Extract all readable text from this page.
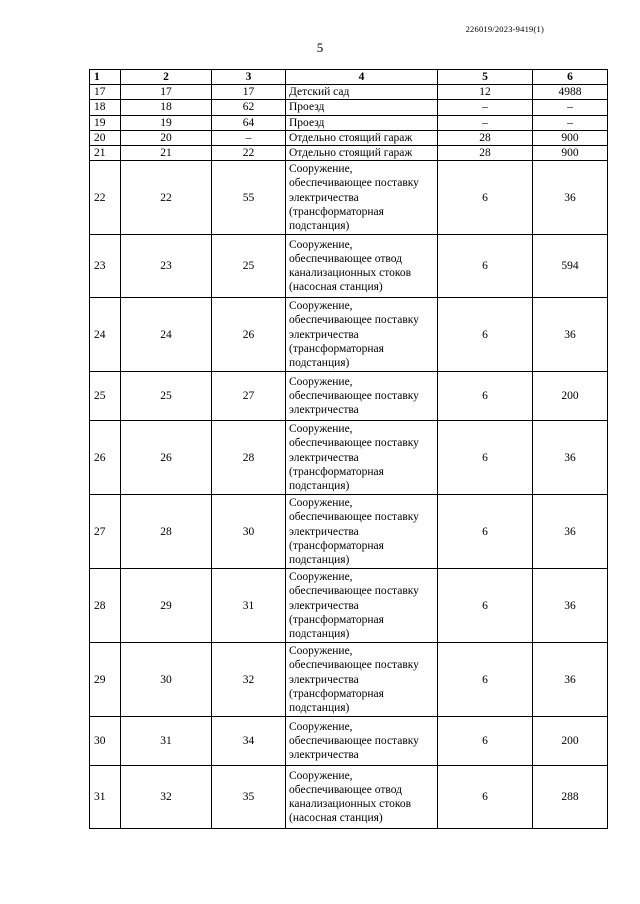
226019/2023-9419(1)
5
1	2	3	4	5	6
17	17	17	Детский сад	12	4988
18	18	62	Проезд	–	–
19	19	64	Проезд	–	–
20	20	–	Отдельно стоящий гараж	28	900
21	21	22	Отдельно стоящий гараж	28	900
22	22	55	Сооружение, обеспечивающее поставку электричества (трансформаторная подстанция)	6	36
23	23	25	Сооружение, обеспечивающее отвод канализационных стоков (насосная станция)	6	594
24	24	26	Сооружение, обеспечивающее поставку электричества (трансформаторная подстанция)	6	36
25	25	27	Сооружение, обеспечивающее поставку электричества	6	200
26	26	28	Сооружение, обеспечивающее поставку электричества (трансформаторная подстанция)	6	36
27	28	30	Сооружение, обеспечивающее поставку электричества (трансформаторная подстанция)	6	36
28	29	31	Сооружение, обеспечивающее поставку электричества (трансформаторная подстанция)	6	36
29	30	32	Сооружение, обеспечивающее поставку электричества (трансформаторная подстанция)	6	36
30	31	34	Сооружение, обеспечивающее поставку электричества	6	200
31	32	35	Сооружение, обеспечивающее отвод канализационных стоков (насосная станция)	6	288
